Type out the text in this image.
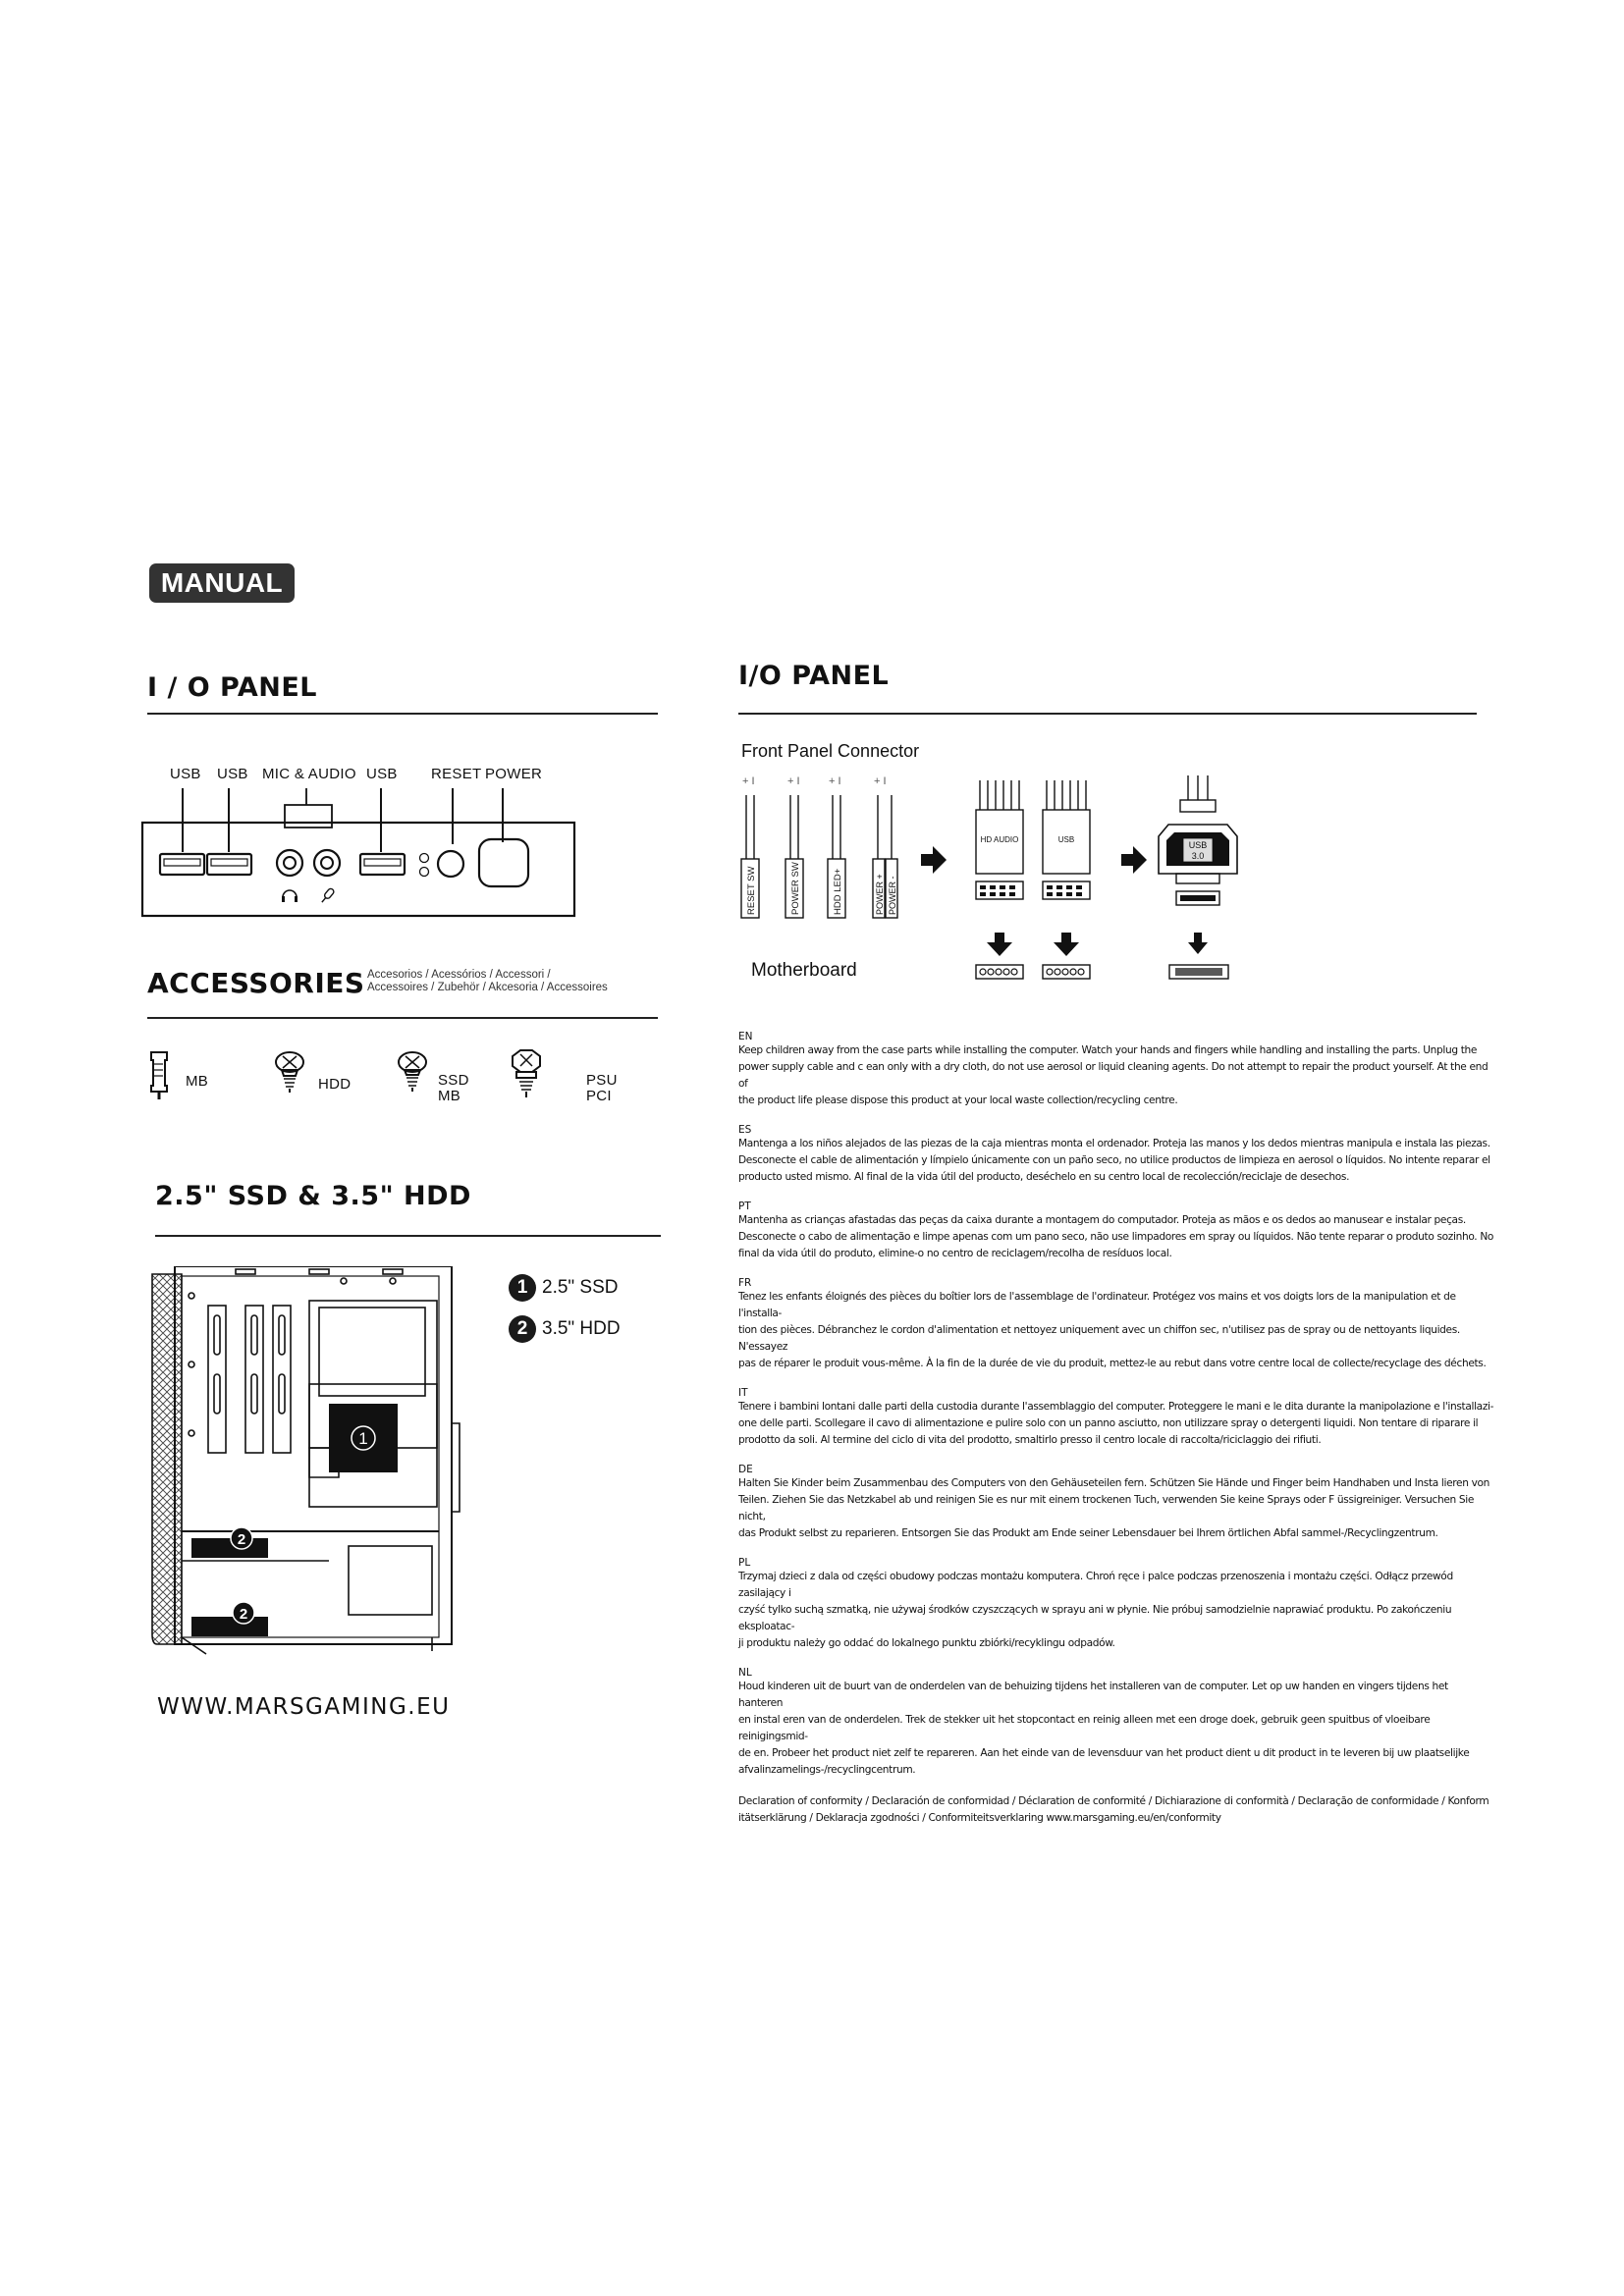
MANUAL
I / O PANEL
USB USB MIC & AUDIO USB RESET POWER
ACCESSORIES Accesorios / Acessórios / Accessori /
Accessoires / Zubehör / Akcesoria / Accessoires
MB	HDD	SSD
MB
PSU
PCI
2.5" SSD & 3.5" HDD
1
2
2
1 2.5" SSD
2 3.5" HDD
WWW.MARSGAMING.EU
I/O PANEL
Front Panel Connector
+ I	+ I	+ I	+ I
HD AUDIO	USB
USB
3.0
RESET SW	POWER SW	HDD LED+	POWER + POWER -
Motherboard
EN
Keep children away from the case parts while installing the computer. Watch your hands and fingers while handling and installing the parts. Unplug the
power supply cable and c ean only with a dry cloth, do not use aerosol or liquid cleaning agents. Do not attempt to repair the product yourself. At the end of
the product life please dispose this product at your local waste collection/recycling centre.
ES
Mantenga a los niños alejados de las piezas de la caja mientras monta el ordenador. Proteja las manos y los dedos mientras manipula e instala las piezas.
Desconecte el cable de alimentación y límpielo únicamente con un paño seco, no utilice productos de limpieza en aerosol o líquidos. No intente reparar el
producto usted mismo. Al final de la vida útil del producto, deséchelo en su centro local de recolección/reciclaje de desechos.
PT
Mantenha as crianças afastadas das peças da caixa durante a montagem do computador. Proteja as mãos e os dedos ao manusear e instalar peças.
Desconecte o cabo de alimentação e limpe apenas com um pano seco, não use limpadores em spray ou líquidos. Não tente reparar o produto sozinho. No
final da vida útil do produto, elimine-o no centro de reciclagem/recolha de resíduos local.
FR
Tenez les enfants éloignés des pièces du boîtier lors de l'assemblage de l'ordinateur. Protégez vos mains et vos doigts lors de la manipulation et de l'installa-
tion des pièces. Débranchez le cordon d'alimentation et nettoyez uniquement avec un chiffon sec, n'utilisez pas de spray ou de nettoyants liquides. N'essayez
pas de réparer le produit vous-même. À la fin de la durée de vie du produit, mettez-le au rebut dans votre centre local de collecte/recyclage des déchets.
IT
Tenere i bambini lontani dalle parti della custodia durante l'assemblaggio del computer. Proteggere le mani e le dita durante la manipolazione e l'installazi-
one delle parti. Scollegare il cavo di alimentazione e pulire solo con un panno asciutto, non utilizzare spray o detergenti liquidi. Non tentare di riparare il
prodotto da soli. Al termine del ciclo di vita del prodotto, smaltirlo presso il centro locale di raccolta/riciclaggio dei rifiuti.
DE
Halten Sie Kinder beim Zusammenbau des Computers von den Gehäuseteilen fern. Schützen Sie Hände und Finger beim Handhaben und Insta lieren von
Teilen. Ziehen Sie das Netzkabel ab und reinigen Sie es nur mit einem trockenen Tuch, verwenden Sie keine Sprays oder F üssigreiniger. Versuchen Sie nicht,
das Produkt selbst zu reparieren. Entsorgen Sie das Produkt am Ende seiner Lebensdauer bei Ihrem örtlichen Abfal sammel-/Recyclingzentrum.
PL
Trzymaj dzieci z dala od części obudowy podczas montażu komputera. Chroń ręce i palce podczas przenoszenia i montażu części. Odłącz przewód zasilający i
czyść tylko suchą szmatką, nie używaj środków czyszczących w sprayu ani w płynie. Nie próbuj samodzielnie naprawiać produktu. Po zakończeniu eksploatac-
ji produktu należy go oddać do lokalnego punktu zbiórki/recyklingu odpadów.
NL
Houd kinderen uit de buurt van de onderdelen van de behuizing tijdens het installeren van de computer. Let op uw handen en vingers tijdens het hanteren
en instal eren van de onderdelen. Trek de stekker uit het stopcontact en reinig alleen met een droge doek, gebruik geen spuitbus of vloeibare reinigingsmid-
de en. Probeer het product niet zelf te repareren. Aan het einde van de levensduur van het product dient u dit product in te leveren bij uw plaatselijke
afvalinzamelings-/recyclingcentrum.
Declaration of conformity / Declaración de conformidad / Déclaration de conformité / Dichiarazione di conformità / Declaração de conformidade / Konform
itätserklärung / Deklaracja zgodności / Conformiteitsverklaring www.marsgaming.eu/en/conformity
